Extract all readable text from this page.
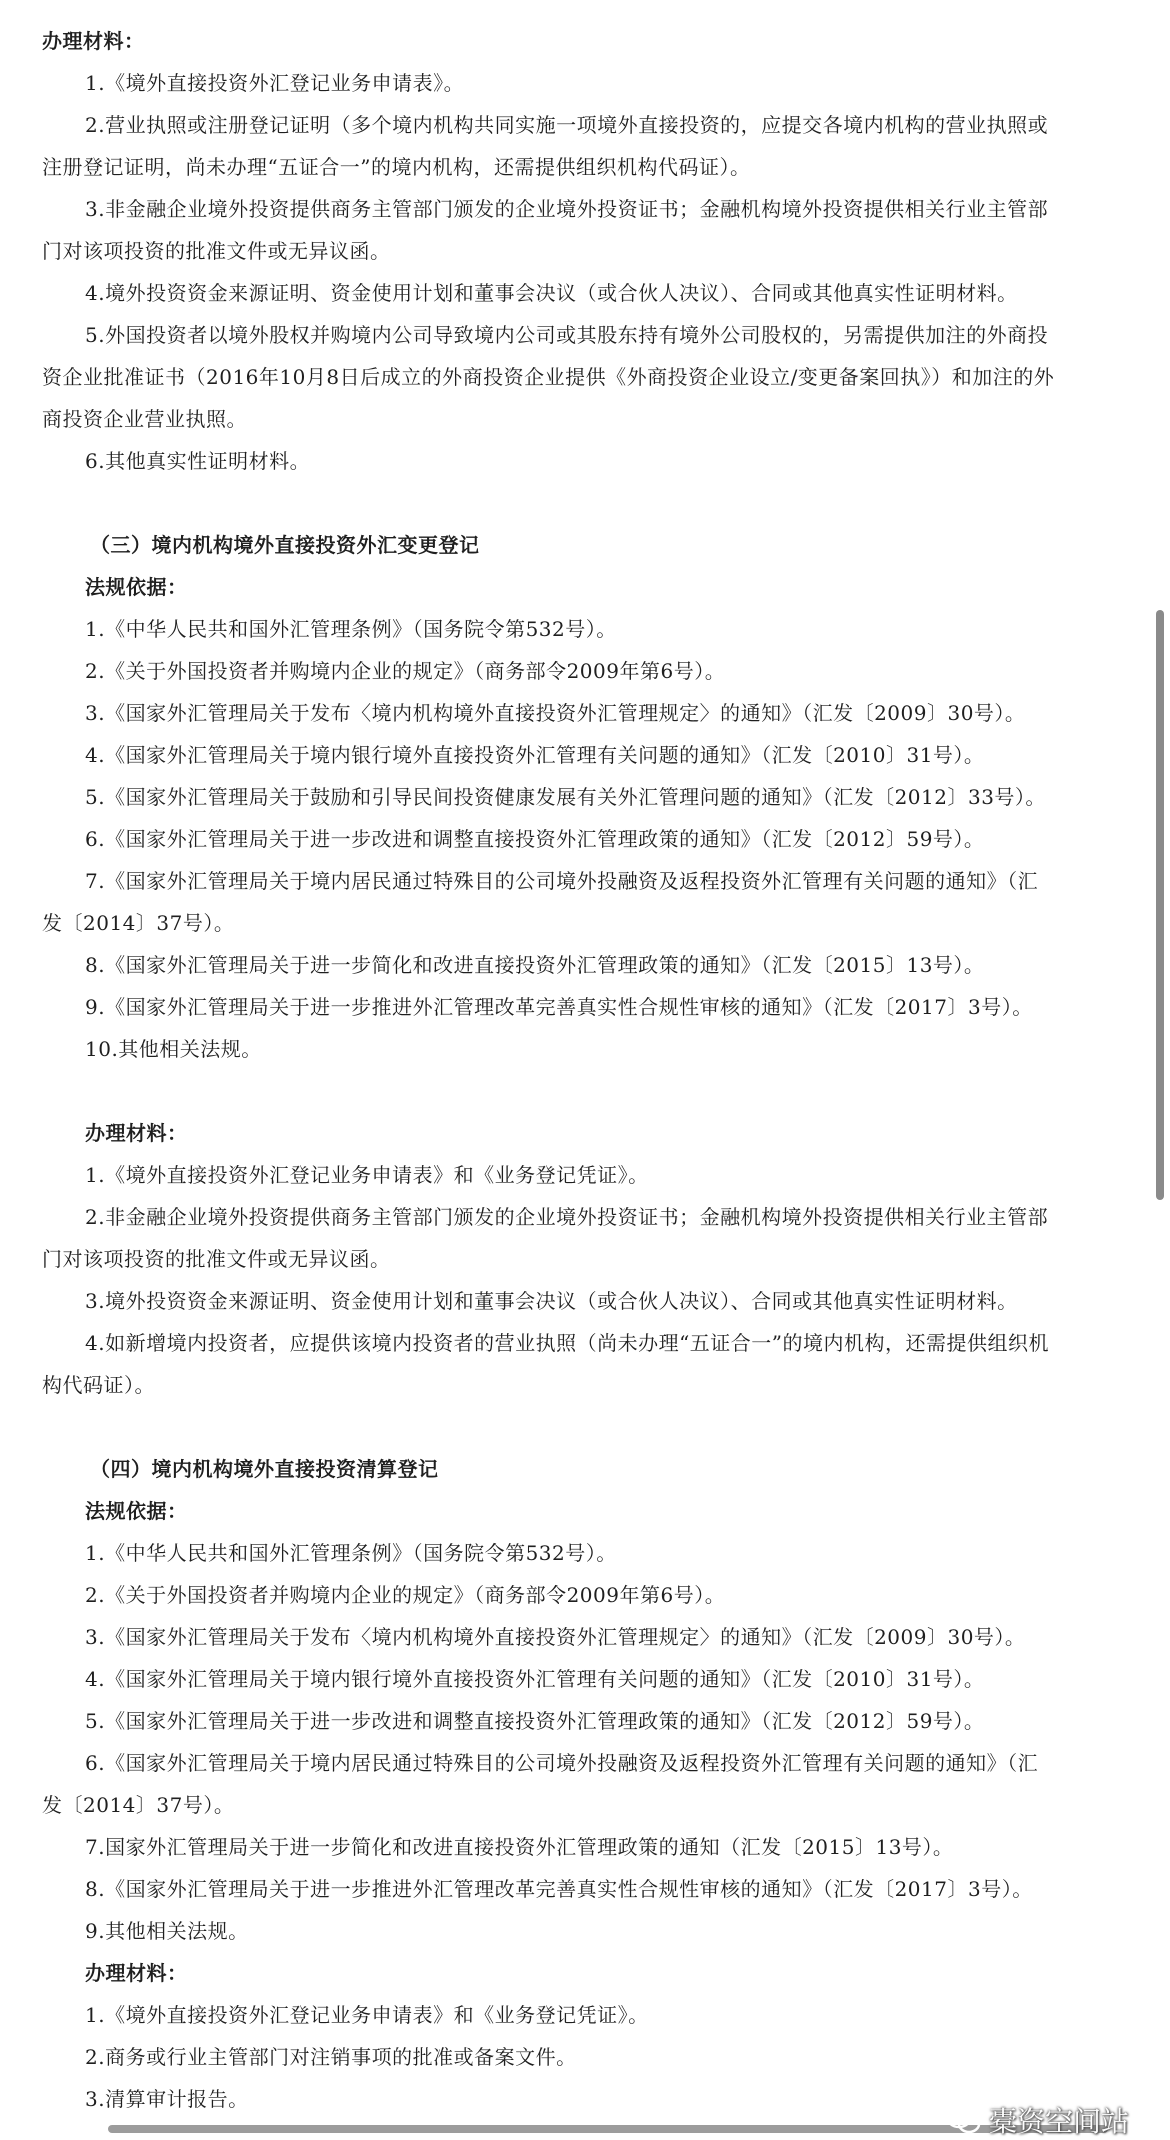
办理材料：
1.《境外直接投资外汇登记业务申请表》。
2.营业执照或注册登记证明（多个境内机构共同实施一项境外直接投资的，应提交各境内机构的营业执照或
注册登记证明，尚未办理“五证合一”的境内机构，还需提供组织机构代码证）。
3.非金融企业境外投资提供商务主管部门颁发的企业境外投资证书；金融机构境外投资提供相关行业主管部
门对该项投资的批准文件或无异议函。
4.境外投资资金来源证明、资金使用计划和董事会决议（或合伙人决议）、合同或其他真实性证明材料。
5.外国投资者以境外股权并购境内公司导致境内公司或其股东持有境外公司股权的，另需提供加注的外商投
资企业批准证书（2016年10月8日后成立的外商投资企业提供《外商投资企业设立/变更备案回执》）和加注的外
商投资企业营业执照。
6.其他真实性证明材料。
（三）境内机构境外直接投资外汇变更登记
法规依据：
1.《中华人民共和国外汇管理条例》（国务院令第532号）。
2.《关于外国投资者并购境内企业的规定》（商务部令2009年第6号）。
3.《国家外汇管理局关于发布〈境内机构境外直接投资外汇管理规定〉的通知》（汇发〔2009〕30号）。
4.《国家外汇管理局关于境内银行境外直接投资外汇管理有关问题的通知》（汇发〔2010〕31号）。
5.《国家外汇管理局关于鼓励和引导民间投资健康发展有关外汇管理问题的通知》（汇发〔2012〕33号）。
6.《国家外汇管理局关于进一步改进和调整直接投资外汇管理政策的通知》（汇发〔2012〕59号）。
7.《国家外汇管理局关于境内居民通过特殊目的公司境外投融资及返程投资外汇管理有关问题的通知》（汇
发〔2014〕37号）。
8.《国家外汇管理局关于进一步简化和改进直接投资外汇管理政策的通知》（汇发〔2015〕13号）。
9.《国家外汇管理局关于进一步推进外汇管理改革完善真实性合规性审核的通知》（汇发〔2017〕3号）。
10.其他相关法规。
办理材料：
1.《境外直接投资外汇登记业务申请表》和《业务登记凭证》。
2.非金融企业境外投资提供商务主管部门颁发的企业境外投资证书；金融机构境外投资提供相关行业主管部
门对该项投资的批准文件或无异议函。
3.境外投资资金来源证明、资金使用计划和董事会决议（或合伙人决议）、合同或其他真实性证明材料。
4.如新增境内投资者，应提供该境内投资者的营业执照（尚未办理“五证合一”的境内机构，还需提供组织机
构代码证）。
（四）境内机构境外直接投资清算登记
法规依据：
1.《中华人民共和国外汇管理条例》（国务院令第532号）。
2.《关于外国投资者并购境内企业的规定》（商务部令2009年第6号）。
3.《国家外汇管理局关于发布〈境内机构境外直接投资外汇管理规定〉的通知》（汇发〔2009〕30号）。
4.《国家外汇管理局关于境内银行境外直接投资外汇管理有关问题的通知》（汇发〔2010〕31号）。
5.《国家外汇管理局关于进一步改进和调整直接投资外汇管理政策的通知》（汇发〔2012〕59号）。
6.《国家外汇管理局关于境内居民通过特殊目的公司境外投融资及返程投资外汇管理有关问题的通知》（汇
发〔2014〕37号）。
7.国家外汇管理局关于进一步简化和改进直接投资外汇管理政策的通知（汇发〔2015〕13号）。
8.《国家外汇管理局关于进一步推进外汇管理改革完善真实性合规性审核的通知》（汇发〔2017〕3号）。
9.其他相关法规。
办理材料：
1.《境外直接投资外汇登记业务申请表》和《业务登记凭证》。
2.商务或行业主管部门对注销事项的批准或备案文件。
3.清算审计报告。
橐资空间站
